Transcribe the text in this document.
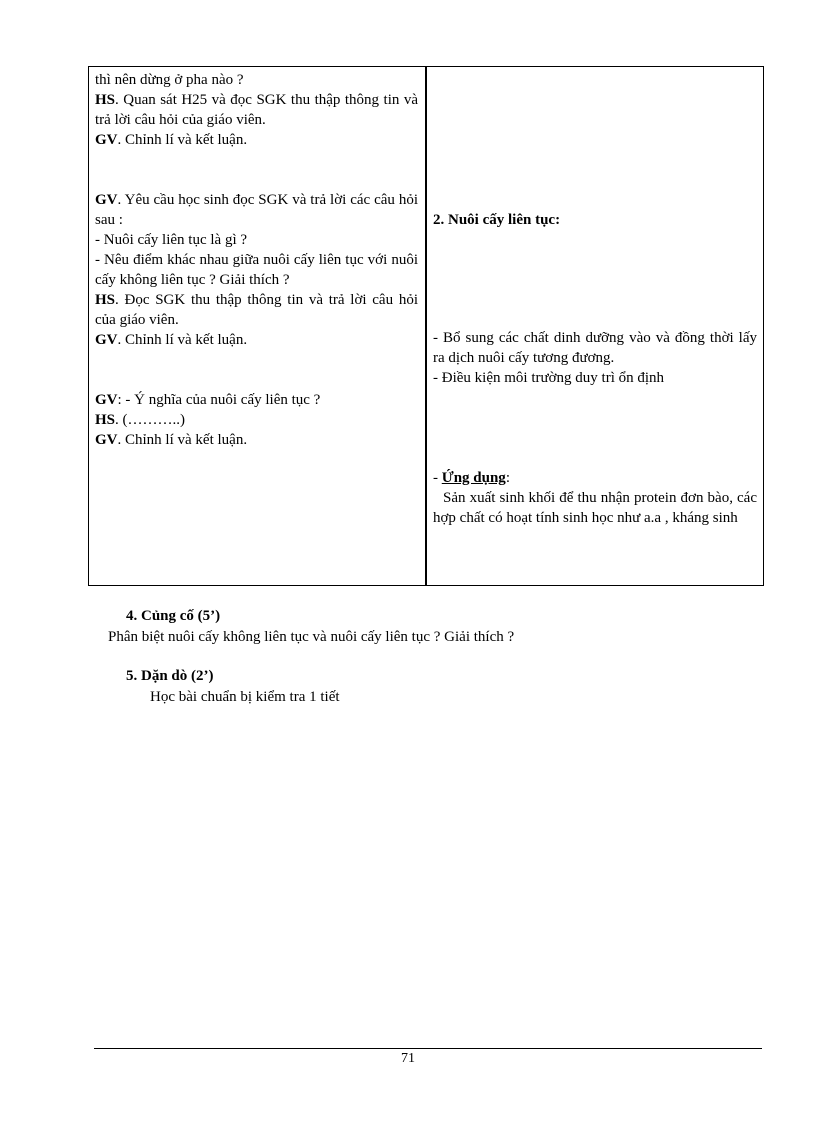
thì nên dừng ở pha nào ?

HS. Quan sát H25 và đọc SGK thu thập thông tin và trả lời câu hỏi của giáo viên.

GV. Chỉnh lí và kết luận.

GV. Yêu cầu học sinh đọc SGK và trả lời các câu hỏi sau :

- Nuôi cấy liên tục là gì ?

- Nêu điểm khác nhau giữa nuôi cấy liên tục với nuôi cấy không liên tục ? Giải thích ?

HS. Đọc SGK thu thập thông tin và trả lời câu hỏi của giáo viên.

GV. Chỉnh lí và kết luận.

GV: - Ý nghĩa của nuôi cấy liên tục ?

HS. (………..)

GV. Chỉnh lí và kết luận.

2. Nuôi cấy liên tục:
- Bổ sung các chất dinh dưỡng vào và đồng thời lấy ra dịch nuôi cấy tương đương.
- Điều kiện môi trường duy trì ổn định
- Ứng dụng:
Sản xuất sinh khối để thu nhận protein đơn bào, các hợp chất có hoạt tính sinh học như a.a , kháng sinh
4. Củng cố (5’)
Phân biệt nuôi cấy không liên tục và nuôi cấy liên tục ? Giải thích ?
5. Dặn dò (2’)
Học bài chuẩn bị kiểm tra 1 tiết
71
